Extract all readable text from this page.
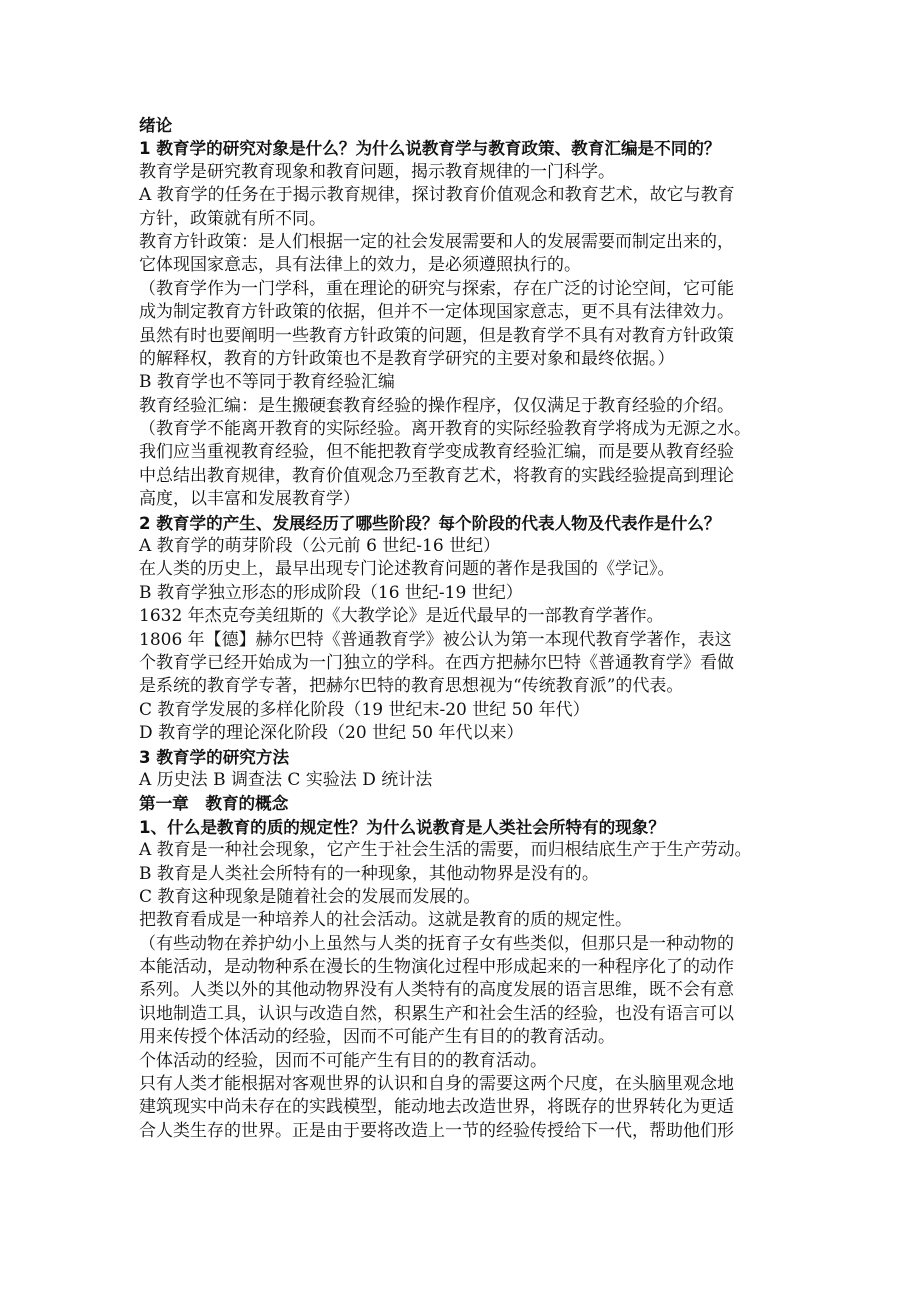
绪论
1 教育学的研究对象是什么？为什么说教育学与教育政策、教育汇编是不同的？
教育学是研究教育现象和教育问题，揭示教育规律的一门科学。
A 教育学的任务在于揭示教育规律，探讨教育价值观念和教育艺术，故它与教育
方针，政策就有所不同。
教育方针政策：是人们根据一定的社会发展需要和人的发展需要而制定出来的，
它体现国家意志，具有法律上的效力，是必须遵照执行的。
（教育学作为一门学科，重在理论的研究与探索，存在广泛的讨论空间，它可能
成为制定教育方针政策的依据，但并不一定体现国家意志，更不具有法律效力。
虽然有时也要阐明一些教育方针政策的问题，但是教育学不具有对教育方针政策
的解释权，教育的方针政策也不是教育学研究的主要对象和最终依据。）
B 教育学也不等同于教育经验汇编
教育经验汇编：是生搬硬套教育经验的操作程序，仅仅满足于教育经验的介绍。
（教育学不能离开教育的实际经验。离开教育的实际经验教育学将成为无源之水。
我们应当重视教育经验，但不能把教育学变成教育经验汇编，而是要从教育经验
中总结出教育规律，教育价值观念乃至教育艺术，将教育的实践经验提高到理论
高度，以丰富和发展教育学）
2 教育学的产生、发展经历了哪些阶段？每个阶段的代表人物及代表作是什么？
A 教育学的萌芽阶段（公元前 6 世纪-16 世纪）
在人类的历史上，最早出现专门论述教育问题的著作是我国的《学记》。
B 教育学独立形态的形成阶段（16 世纪-19 世纪）
1632 年杰克夸美纽斯的《大教学论》是近代最早的一部教育学著作。
1806 年【德】赫尔巴特《普通教育学》被公认为第一本现代教育学著作，表这
个教育学已经开始成为一门独立的学科。在西方把赫尔巴特《普通教育学》看做
是系统的教育学专著，把赫尔巴特的教育思想视为“传统教育派”的代表。
C 教育学发展的多样化阶段（19 世纪末-20 世纪 50 年代）
D 教育学的理论深化阶段（20 世纪 50 年代以来）
3 教育学的研究方法
A 历史法 B 调查法 C 实验法 D 统计法
第一章　教育的概念
1、什么是教育的质的规定性？为什么说教育是人类社会所特有的现象？
A 教育是一种社会现象，它产生于社会生活的需要，而归根结底生产于生产劳动。
B 教育是人类社会所特有的一种现象，其他动物界是没有的。
C 教育这种现象是随着社会的发展而发展的。
把教育看成是一种培养人的社会活动。这就是教育的质的规定性。
（有些动物在养护幼小上虽然与人类的抚育子女有些类似，但那只是一种动物的
本能活动，是动物种系在漫长的生物演化过程中形成起来的一种程序化了的动作
系列。人类以外的其他动物界没有人类特有的高度发展的语言思维，既不会有意
识地制造工具，认识与改造自然，积累生产和社会生活的经验，也没有语言可以
用来传授个体活动的经验，因而不可能产生有目的的教育活动。
个体活动的经验，因而不可能产生有目的的教育活动。
只有人类才能根据对客观世界的认识和自身的需要这两个尺度，在头脑里观念地
建筑现实中尚未存在的实践模型，能动地去改造世界，将既存的世界转化为更适
合人类生存的世界。正是由于要将改造上一节的经验传授给下一代，帮助他们形
